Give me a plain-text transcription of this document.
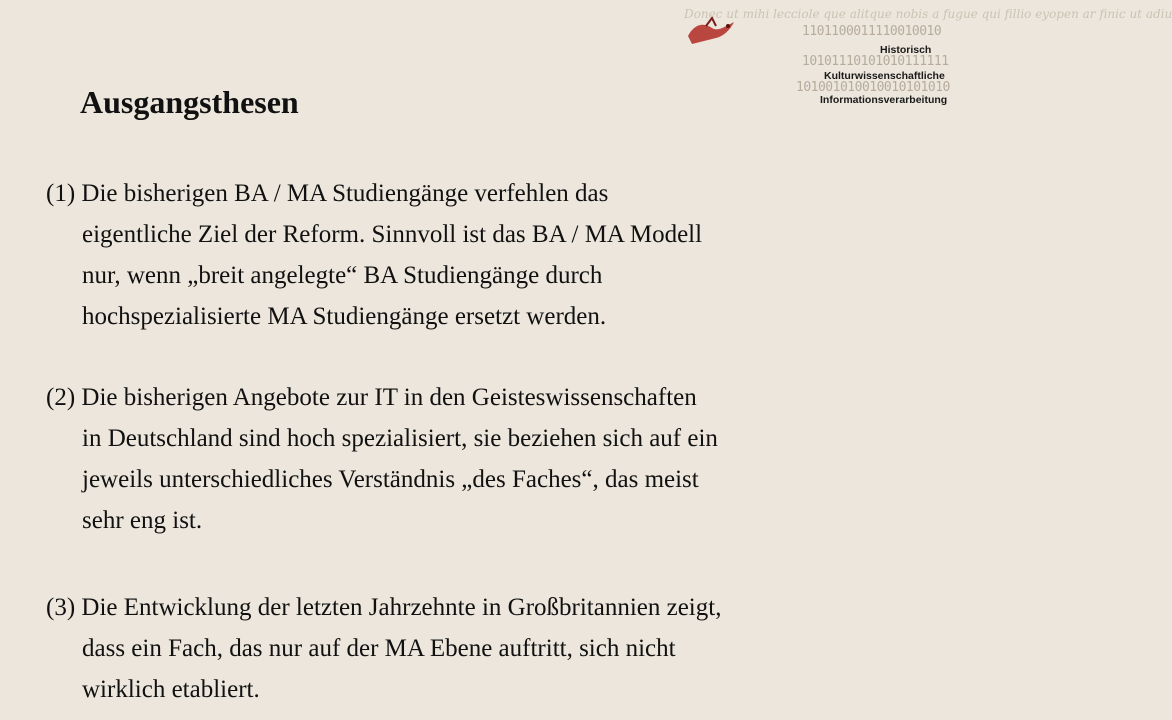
Donec ut mihi lecciole que alitque nobis a fugue qui fillio eyopen ar finic ut adiu
1101100011110010010
10101110101010111111
101001010010010101010
Historisch
Kulturwissenschaftliche
Informationsverarbeitung
Ausgangsthesen

(1) Die bisherigen BA / MA Studiengänge verfehlen das
eigentliche Ziel der Reform. Sinnvoll ist das BA / MA Modell
nur, wenn „breit angelegte“ BA Studiengänge durch
hochspezialisierte MA Studiengänge ersetzt werden.

(2) Die bisherigen Angebote zur IT in den Geisteswissenschaften
in Deutschland sind hoch spezialisiert, sie beziehen sich auf ein
jeweils unterschiedliches Verständnis „des Faches“, das meist
sehr eng ist.

(3) Die Entwicklung der letzten Jahrzehnte in Großbritannien zeigt,
dass ein Fach, das nur auf der MA Ebene auftritt, sich nicht
wirklich etabliert.
